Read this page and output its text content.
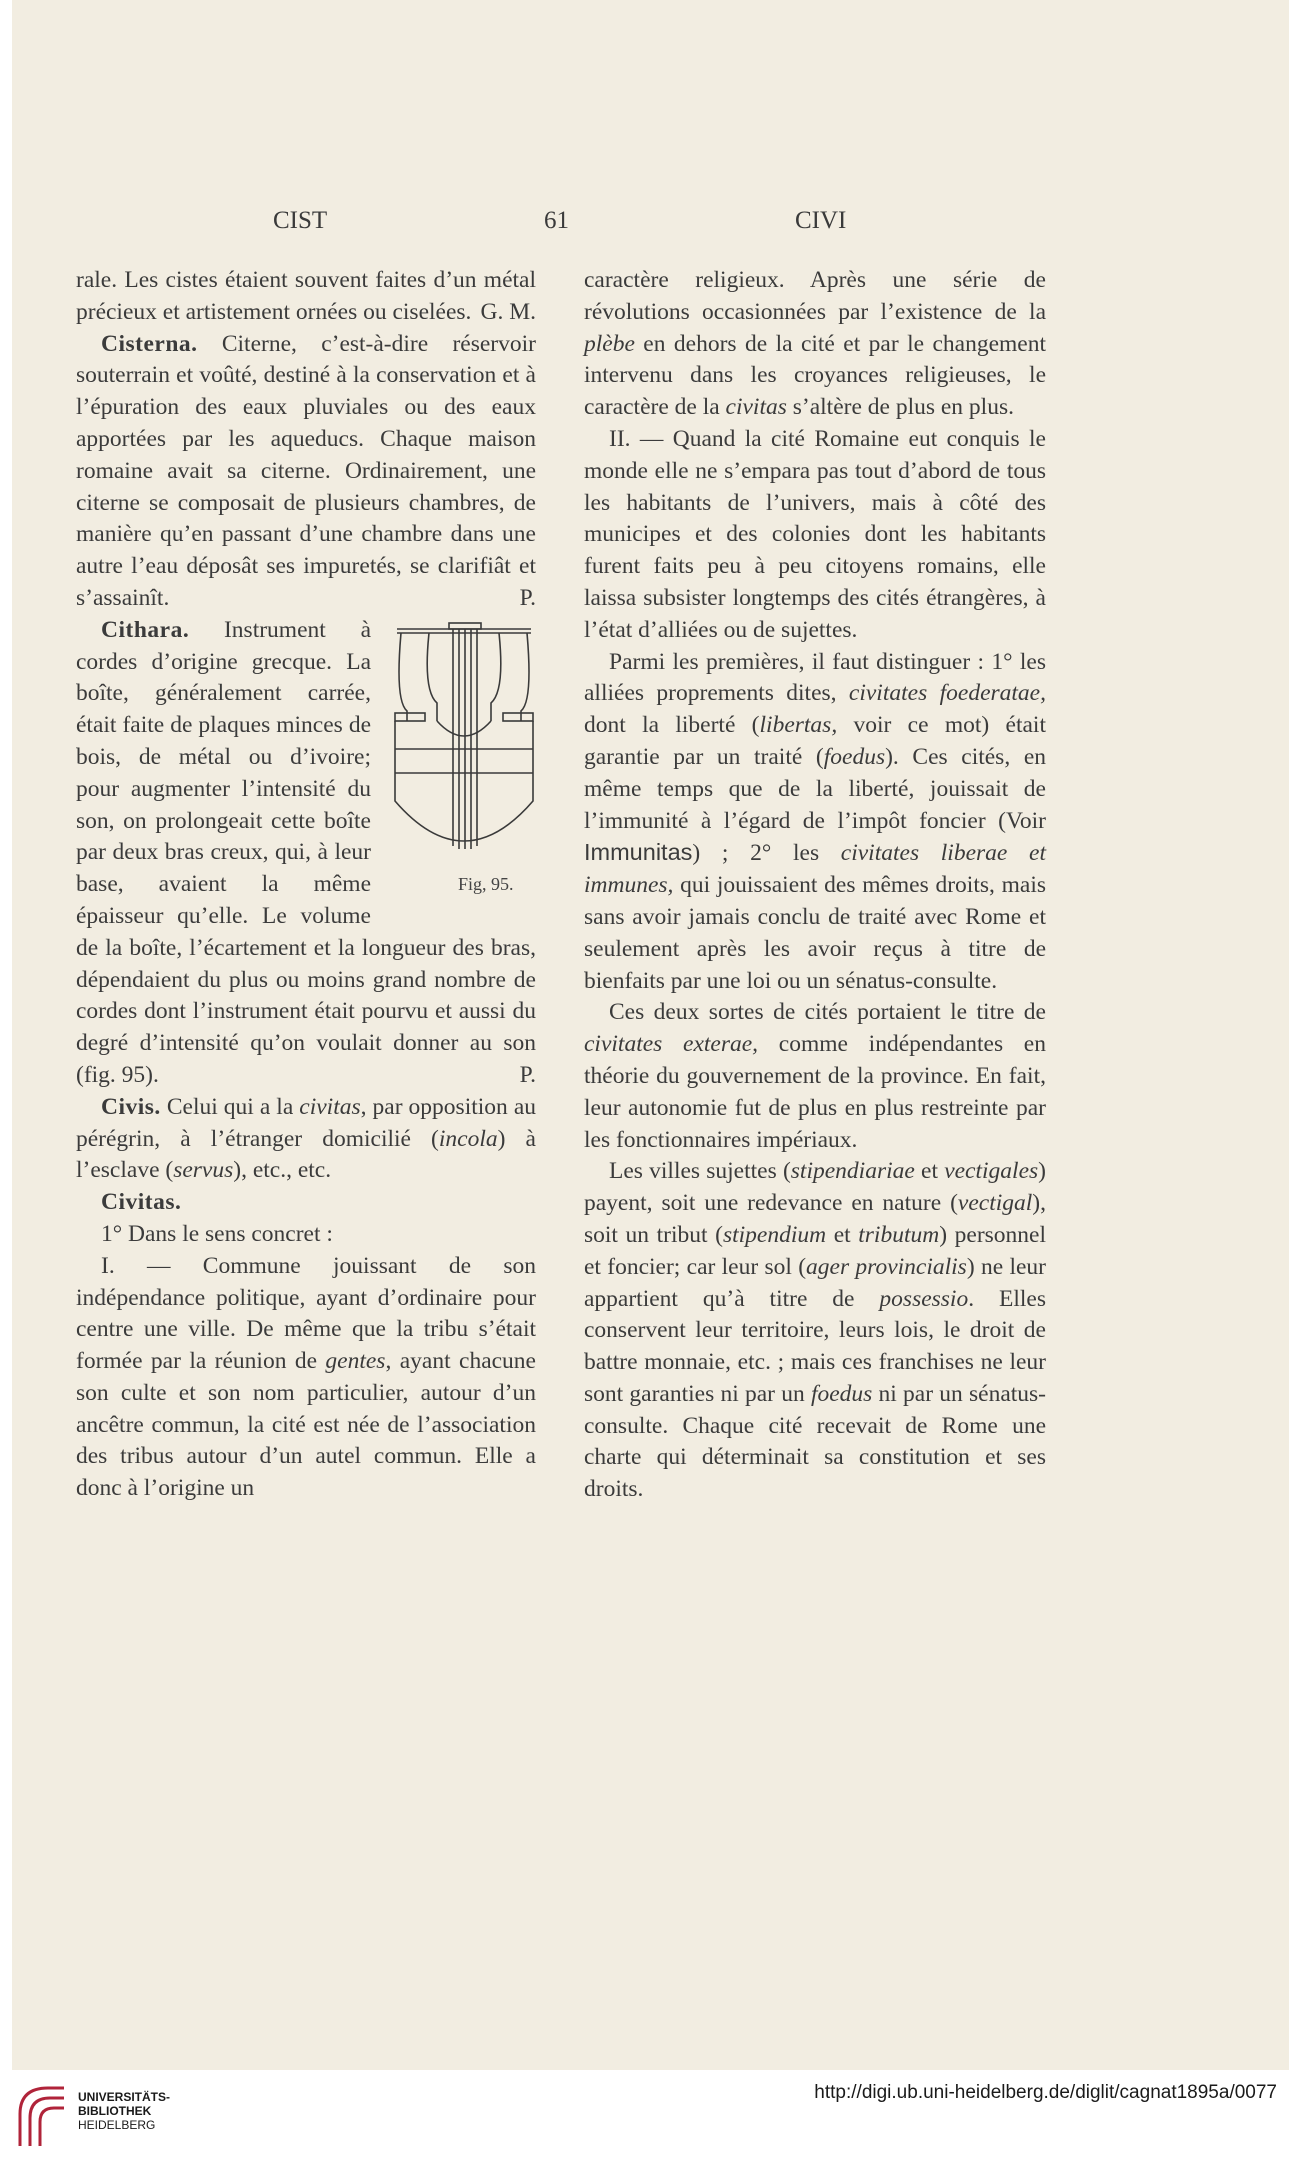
CIST	61	CIVI

rale. Les cistes étaient souvent faites d’un métal précieux et artistement ornées ou ciselées. G. M.

Cisterna. Citerne, c’est-à-dire réservoir souterrain et voûté, destiné à la conservation et à l’épuration des eaux pluviales ou des eaux apportées par les aqueducs. Chaque maison romaine avait sa citerne. Ordinairement, une citerne se composait de plusieurs chambres, de manière qu’en passant d’une chambre dans une autre l’eau déposât ses impuretés, se clarifiât et s’assainît.	P.

Fig, 95.
Cithara. Instrument à cordes d’origine grecque. La boîte, généralement carrée, était faite de plaques minces de bois, de métal ou d’ivoire; pour augmenter l’intensité du son, on prolongeait cette boîte par deux bras creux, qui, à leur base, avaient la même épaisseur qu’elle. Le volume de la boîte, l’écartement et la longueur des bras, dépendaient du plus ou moins grand nombre de cordes dont l’instrument était pourvu et aussi du degré d’intensité qu’on voulait donner au son (fig. 95).	P.

Civis. Celui qui a la civitas, par opposition au pérégrin, à l’étranger domicilié (incola) à l’esclave (servus), etc., etc.

Civitas.

1° Dans le sens concret :

I. — Commune jouissant de son indépendance politique, ayant d’ordinaire pour centre une ville. De même que la tribu s’était formée par la réunion de gentes, ayant chacune son culte et son nom particulier, autour d’un ancêtre commun, la cité est née de l’association des tribus autour d’un autel commun. Elle a donc à l’origine un

caractère religieux. Après une série de révolutions occasionnées par l’existence de la plèbe en dehors de la cité et par le changement intervenu dans les croyances religieuses, le caractère de la civitas s’altère de plus en plus.

II. — Quand la cité Romaine eut conquis le monde elle ne s’empara pas tout d’abord de tous les habitants de l’univers, mais à côté des municipes et des colonies dont les habitants furent faits peu à peu citoyens romains, elle laissa subsister longtemps des cités étrangères, à l’état d’alliées ou de sujettes.

Parmi les premières, il faut distinguer : 1° les alliées proprements dites, civitates foederatae, dont la liberté (libertas, voir ce mot) était garantie par un traité (foedus). Ces cités, en même temps que de la liberté, jouissait de l’immunité à l’égard de l’impôt foncier (Voir Immunitas) ; 2° les civitates liberae et immunes, qui jouissaient des mêmes droits, mais sans avoir jamais conclu de traité avec Rome et seulement après les avoir reçus à titre de bienfaits par une loi ou un sénatus-consulte.

Ces deux sortes de cités portaient le titre de civitates exterae, comme indépendantes en théorie du gouvernement de la province. En fait, leur autonomie fut de plus en plus restreinte par les fonctionnaires impériaux.

Les villes sujettes (stipendiariae et vectigales) payent, soit une redevance en nature (vectigal), soit un tribut (stipendium et tributum) personnel et foncier; car leur sol (ager provincialis) ne leur appartient qu’à titre de possessio. Elles conservent leur territoire, leurs lois, le droit de battre monnaie, etc. ; mais ces franchises ne leur sont garanties ni par un foedus ni par un sénatus-consulte. Chaque cité recevait de Rome une charte qui déterminait sa constitution et ses droits.

UNIVERSITÄTS-
BIBLIOTHEK
HEIDELBERG
http://digi.ub.uni-heidelberg.de/diglit/cagnat1895a/0077
